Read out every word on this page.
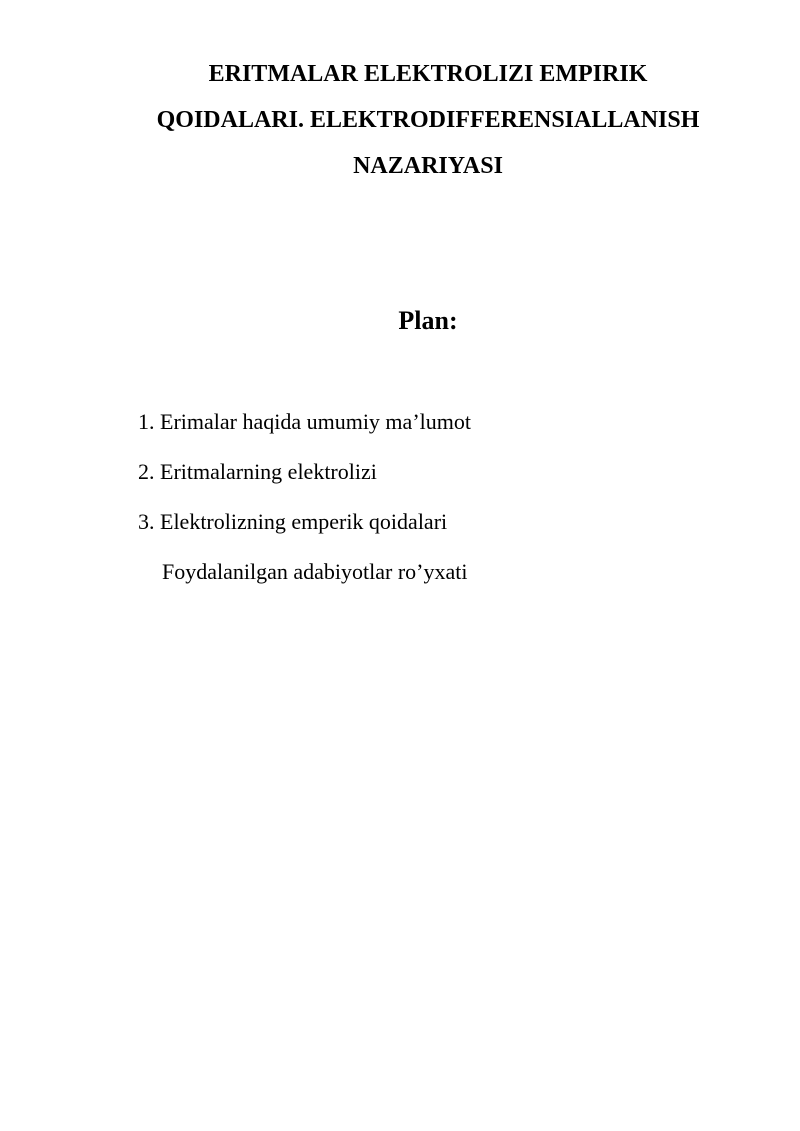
ERITMALAR ELEKTROLIZI EMPIRIK
QOIDALARI. ELEKTRODIFFERENSIALLANISH
NAZARIYASI
Plan:
1. Erimalar haqida umumiy ma’lumot
2. Eritmalarning elektrolizi
3. Elektrolizning emperik qoidalari
Foydalanilgan adabiyotlar ro’yxati
